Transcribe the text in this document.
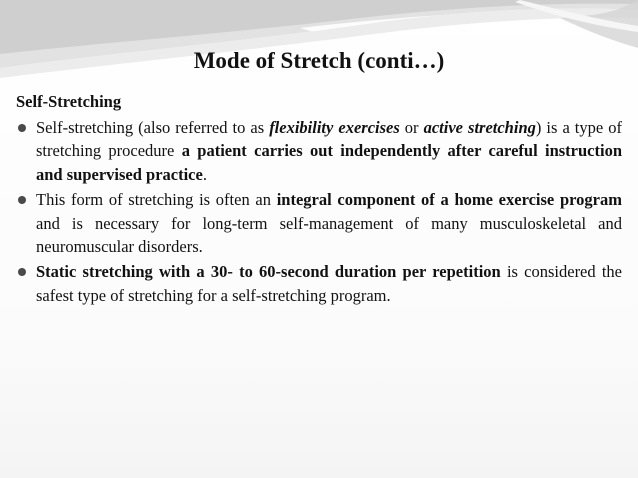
Mode of Stretch (conti…)
Self-Stretching
Self-stretching (also referred to as flexibility exercises or active stretching) is a type of stretching procedure a patient carries out independently after careful instruction and supervised practice.
This form of stretching is often an integral component of a home exercise program and is necessary for long-term self-management of many musculoskeletal and neuromuscular disorders.
Static stretching with a 30- to 60-second duration per repetition is considered the safest type of stretching for a self-stretching program.
